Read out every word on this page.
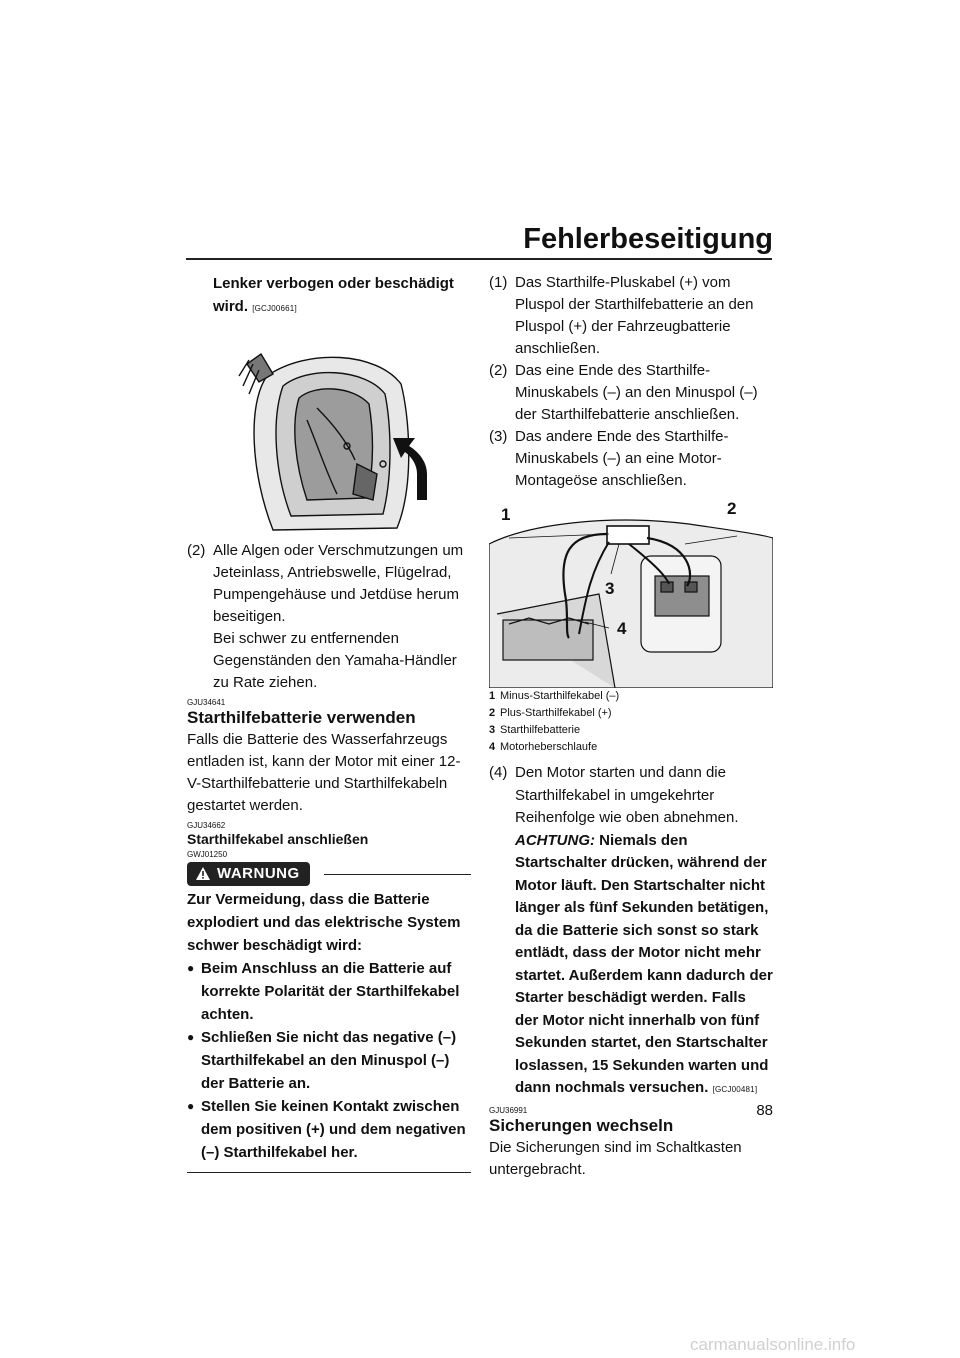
Fehlerbeseitigung

Lenker verbogen oder beschädigt wird. [GCJ00661]

(2) Alle Algen oder Verschmutzungen um Jeteinlass, Antriebswelle, Flügelrad, Pumpengehäuse und Jetdüse herum beseitigen.

Bei schwer zu entfernenden Gegenständen den Yamaha-Händler zu Rate ziehen.

GJU34641
Starthilfebatterie verwenden

Falls die Batterie des Wasserfahrzeugs entladen ist, kann der Motor mit einer 12-V-Starthilfebatterie und Starthilfekabeln gestartet werden.

GJU34662
Starthilfekabel anschließen
GWJ01250
WARNUNG

Zur Vermeidung, dass die Batterie explodiert und das elektrische System schwer beschädigt wird:

● Beim Anschluss an die Batterie auf korrekte Polarität der Starthilfekabel achten.
● Schließen Sie nicht das negative (–) Starthilfekabel an den Minuspol (–) der Batterie an.
● Stellen Sie keinen Kontakt zwischen dem positiven (+) und dem negativen (–) Starthilfekabel her.

(1) Das Starthilfe-Pluskabel (+) vom Pluspol der Starthilfebatterie an den Pluspol (+) der Fahrzeugbatterie anschließen.

(2) Das eine Ende des Starthilfe-Minuskabels (–) an den Minuspol (–) der Starthilfebatterie anschließen.

(3) Das andere Ende des Starthilfe-Minuskabels (–) an eine Motor-Montageöse anschließen.

1	2
3
4
1 Minus-Starthilfekabel (–)
2 Plus-Starthilfekabel (+)
3 Starthilfebatterie
4 Motorheberschlaufe

(4) Den Motor starten und dann die Starthilfekabel in umgekehrter Reihenfolge wie oben abnehmen. ACHTUNG: Niemals den Startschalter drücken, während der Motor läuft. Den Startschalter nicht länger als fünf Sekunden betätigen, da die Batterie sich sonst so stark entlädt, dass der Motor nicht mehr startet. Außerdem kann dadurch der Starter beschädigt werden. Falls der Motor nicht innerhalb von fünf Sekunden startet, den Startschalter loslassen, 15 Sekunden warten und dann nochmals versuchen. [GCJ00481]

GJU36991
Sicherungen wechseln

Die Sicherungen sind im Schaltkasten untergebracht.

88
carmanualsonline.info
